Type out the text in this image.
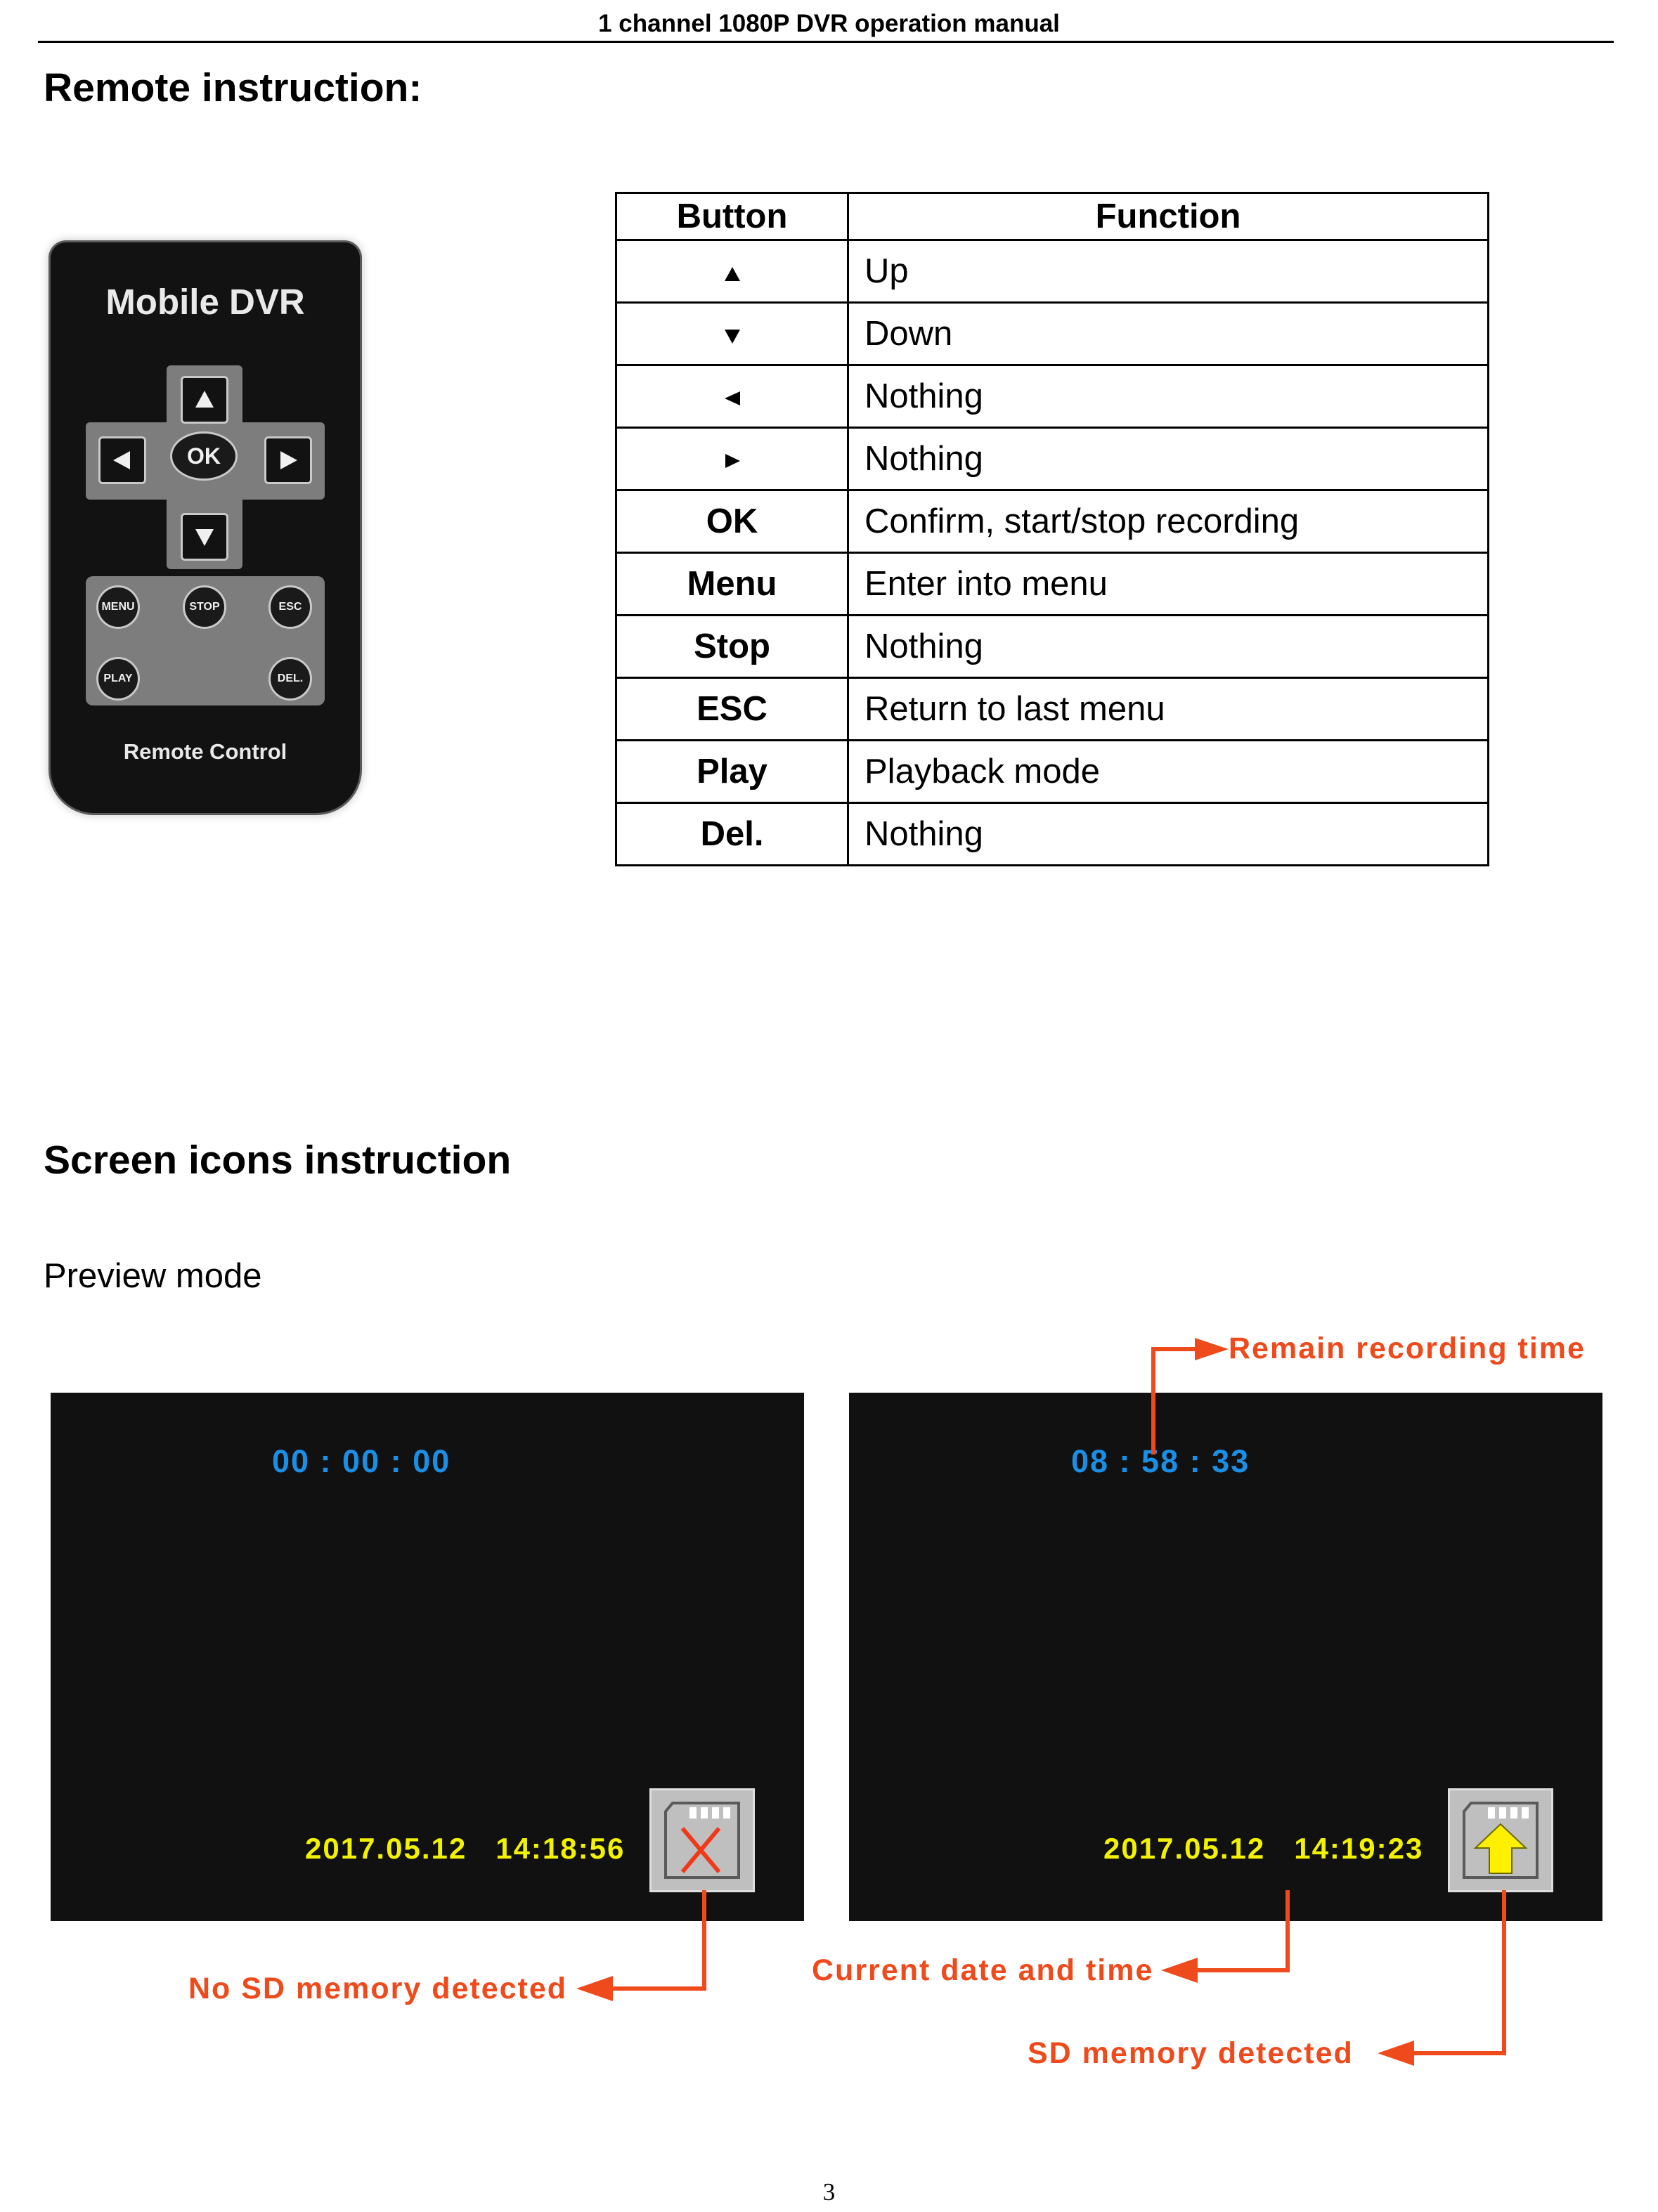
1 channel 1080P DVR operation manual
Remote instruction:
Mobile DVR
OK
MENU	STOP	ESC
PLAY	DEL.
Remote Control
Button	Function
	Up
	Down
	Nothing
	Nothing
OK	Confirm, start/stop recording
Menu	Enter into menu
Stop	Nothing
ESC	Return to last menu
Play	Playback mode
Del.	Nothing
Screen icons instruction
Preview mode
00 : 00 : 00
2017.05.12   14:18:56
08 : 58 : 33
2017.05.12   14:19:23
Remain recording time
No SD memory detected
Current date and time
SD memory detected
3
